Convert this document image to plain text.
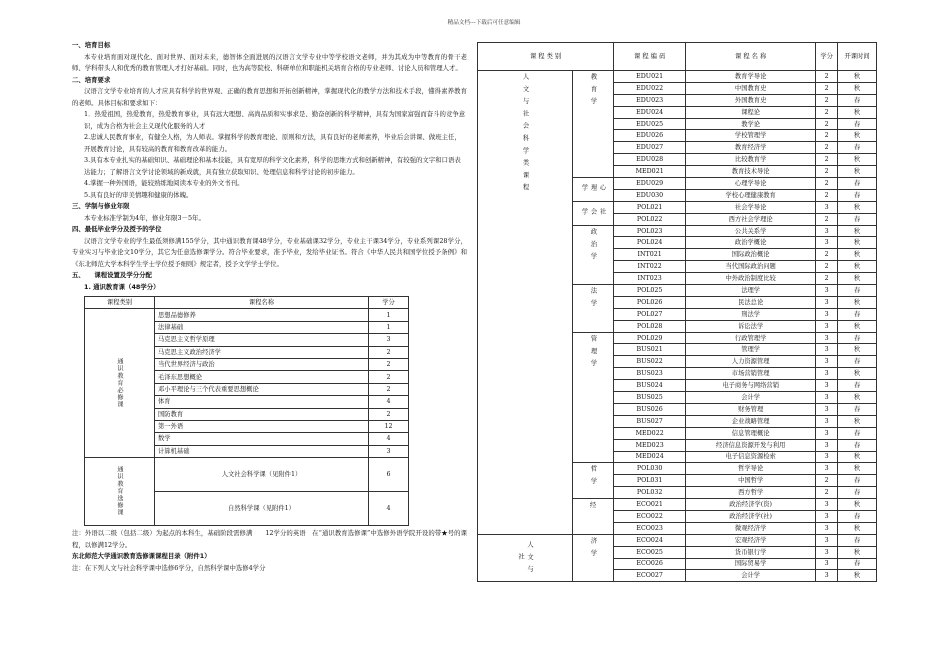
精品文档---下载后可任意编辑
一、培育目标
本专业培育面对现代化、面对世界、面对未来，德智体全面进展的汉语言文学专业中等学校语文老师，并为其成为中等教育的骨干老师、学科带头人和优秀的教育管理人才打好基础。同时，也为高等院校、科研单位和职能机关培育合格的专业老师、讨论人员和管理人才。
二、培育要求
汉语言文学专业培育的人才应具有科学的世界观、正确的教育思想和开拓创新精神，掌握现代化的教学方法和技术手段，懂得素养教育的老师。具体目标和要求如下：
1．热爱祖国，热爱教育，热爱教育事业，具有远大理想、高尚品质和实事求是、勤奋创新的科学精神，具有为国家富强而奋斗的竞争意识，成为合格为社会主义现代化服务的人才
2.忠诚人民教育事业，有健全人格，为人师表。掌握科学的教育理论、原则和方法，具有良好的老师素养，毕业后会讲课、做班主任，开展教育讨论，具有较高的教育和教育改革的能力。
3.具有本专业扎实的基础知识、基础理论和基本技能，具有宽厚的科学文化素养，科学的思维方式和创新精神，有较强的文字和口语表达能力；了解语言文学讨论领域的新成就，具有独立获取知识、处理信息和科学讨论的初步能力。
4.掌握一种外国语，能较熟练地阅读本专业的外文书刊。
5.具有良好的审美情趣和健康的体魄。
三、学制与修业年限
本专业标准学制为4年，修业年限3－5年。
四、最低毕业学分及授予的学位
汉语言文学专业的学生最低须修满155学分，其中通识教育课48学分，专业基础课32学分，专业主干课34学分，专业系列课28学分，专业实习与毕业论文10学分，其它为任意选修课学分。符合毕业要求，准予毕业，发给毕业证书。符合《中华人民共和国学位授予条例》和《东北师范大学本科学生学士学位授予细则》规定者，授予文学学士学位。
五、　　课程设置及学分分配
1. 通识教育课（48学分）
课程类别	课程名称	学分

通识教育必修课	思想品德修养	1
	法律基础	1
	马克思主义哲学原理	3
	马克思主义政治经济学	2
	当代世界经济与政治	2
	毛泽东思想概论	2
	邓小平理论与三个代表重要思想概论	2
	体育	4
	国防教育	2
	第一外语	12
	数学	4
	计算机基础	3

通识教育选修课	人文社会科学课（见附件1）	6
	自然科学课（见附件1）	4
注：外语以二级（包括二级）为起点的本科生，基础阶段需修满　　12学分的英语　在“通识教育选修课”中选修外语学院开设的带★号的课程，以修满12学分。
东北师范大学通识教育选修课课程目录（附件1）
注：在下列人文与社会科学课中选修6学分，自然科学课中选修4学分
课 程 类 别		课 程 编 码	课 程 名 称	学分	开课时间

人文与社会科学类课程	教育学	EDU021	教育学导论	2	秋
		EDU022	中国教育史	2	秋
		EDU023	外国教育史	2	春
		EDU024	课程论	2	秋
		EDU025	教学论	2	春
		EDU026	学校管理学	2	秋
		EDU027	教育经济学	2	春
		EDU028	比较教育学	2	秋
		MED021	教育技术导论	2	秋

	心理学	EDU029	心理学导论	2	春
		EDU030	学校心理健康教育	2	春

	社会学	POL021	社会学导论	3	秋
		POL022	西方社会学理论	2	春

	政治学	POL023	公共关系学	3	秋
		POL024	政治学概论	3	秋
		INT021	国际政治概论	2	秋
		INT022	当代国际政治问题	2	秋
		INT023	中外政治制度比较	2	秋

	法学	POL025	法理学	3	春
		POL026	民法总论	3	秋
		POL027	刑法学	3	春
		POL028	诉讼法学	3	秋

	管理学	POL029	行政管理学	3	春
		BUS021	管理学	3	秋
		BUS022	人力资源管理	3	春
		BUS023	市场营销管理	3	秋
		BUS024	电子商务与网络营销	3	春
		BUS025	会计学	3	秋
		BUS026	财务管理	3	春
		BUS027	企业战略管理	3	秋
		MED022	信息管理概论	3	春
		MED023	经济信息资源开发与利用	3	春
		MED024	电子信息资源检索	3	秋

	哲学	POL030	哲学导论	3	秋
		POL031	中国哲学	2	春
		POL032	西方哲学	2	春

	经	ECO021	政治经济学(资)	3	秋
		ECO022	政治经济学(社)	3	春
		ECO023	微观经济学	3	秋

人文与社	济学	ECO024	宏观经济学	3	春
		ECO025	货币银行学	3	秋
		ECO026	国际贸易学	3	春
		ECO027	会计学	3	秋
